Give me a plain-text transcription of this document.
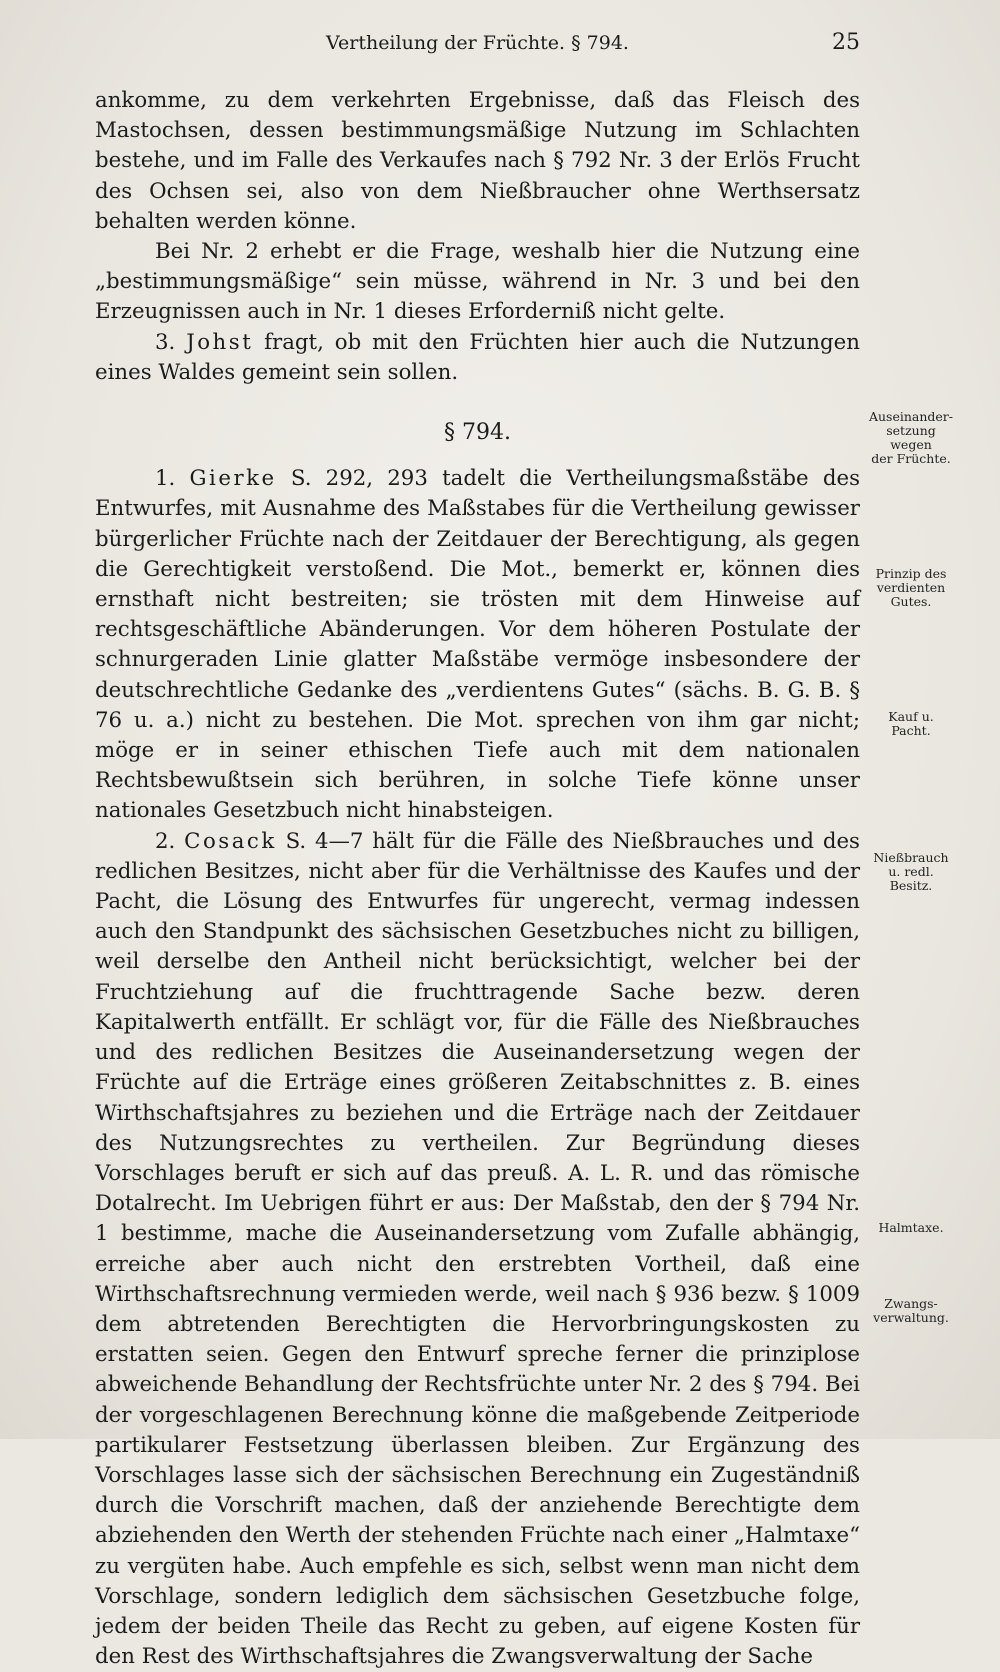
Vertheilung der Früchte. § 794.	25

ankomme, zu dem verkehrten Ergebnisse, daß das Fleisch des Mastochsen, dessen bestimmungsmäßige Nutzung im Schlachten bestehe, und im Falle des Verkaufes nach § 792 Nr. 3 der Erlös Frucht des Ochsen sei, also von dem Nießbraucher ohne Werthsersatz behalten werden könne.

Bei Nr. 2 erhebt er die Frage, weshalb hier die Nutzung eine „bestimmungsmäßige“ sein müsse, während in Nr. 3 und bei den Erzeugnissen auch in Nr. 1 dieses Erforderniß nicht gelte.

3. Johst fragt, ob mit den Früchten hier auch die Nutzungen eines Waldes gemeint sein sollen.

§ 794.

1. Gierke S. 292, 293 tadelt die Vertheilungsmaßstäbe des Entwurfes, mit Ausnahme des Maßstabes für die Vertheilung gewisser bürgerlicher Früchte nach der Zeitdauer der Berechtigung, als gegen die Gerechtigkeit verstoßend. Die Mot., bemerkt er, können dies ernsthaft nicht bestreiten; sie trösten mit dem Hinweise auf rechtsgeschäftliche Abänderungen. Vor dem höheren Postulate der schnurgeraden Linie glatter Maßstäbe vermöge insbesondere der deutschrechtliche Gedanke des „verdientens Gutes“ (sächs. B. G. B. § 76 u. a.) nicht zu bestehen. Die Mot. sprechen von ihm gar nicht; möge er in seiner ethischen Tiefe auch mit dem nationalen Rechtsbewußtsein sich berühren, in solche Tiefe könne unser nationales Gesetzbuch nicht hinabsteigen.

2. Cosack S. 4—7 hält für die Fälle des Nießbrauches und des redlichen Besitzes, nicht aber für die Verhältnisse des Kaufes und der Pacht, die Lösung des Entwurfes für ungerecht, vermag indessen auch den Standpunkt des sächsischen Gesetzbuches nicht zu billigen, weil derselbe den Antheil nicht berücksichtigt, welcher bei der Fruchtziehung auf die fruchttragende Sache bezw. deren Kapitalwerth entfällt. Er schlägt vor, für die Fälle des Nießbrauches und des redlichen Besitzes die Auseinandersetzung wegen der Früchte auf die Erträge eines größeren Zeitabschnittes z. B. eines Wirthschaftsjahres zu beziehen und die Erträge nach der Zeitdauer des Nutzungsrechtes zu vertheilen. Zur Begründung dieses Vorschlages beruft er sich auf das preuß. A. L. R. und das römische Dotalrecht. Im Uebrigen führt er aus: Der Maßstab, den der § 794 Nr. 1 bestimme, mache die Auseinandersetzung vom Zufalle abhängig, erreiche aber auch nicht den erstrebten Vortheil, daß eine Wirthschaftsrechnung vermieden werde, weil nach § 936 bezw. § 1009 dem abtretenden Berechtigten die Hervorbringungskosten zu erstatten seien. Gegen den Entwurf spreche ferner die prinziplose abweichende Behandlung der Rechtsfrüchte unter Nr. 2 des § 794. Bei der vorgeschlagenen Berechnung könne die maßgebende Zeitperiode partikularer Festsetzung überlassen bleiben. Zur Ergänzung des Vorschlages lasse sich der sächsischen Berechnung ein Zugeständniß durch die Vorschrift machen, daß der anziehende Berechtigte dem abziehenden den Werth der stehenden Früchte nach einer „Halmtaxe“ zu vergüten habe. Auch empfehle es sich, selbst wenn man nicht dem Vorschlage, sondern lediglich dem sächsischen Gesetzbuche folge, jedem der beiden Theile das Recht zu geben, auf eigene Kosten für den Rest des Wirthschaftsjahres die Zwangsverwaltung der Sache

Auseinander-
setzung wegen
der Früchte.
Prinzip des
verdienten
Gutes.
Kauf u.
Pacht.
Nießbrauch
u. redl.
Besitz.
Halmtaxe.
Zwangs-
verwaltung.
